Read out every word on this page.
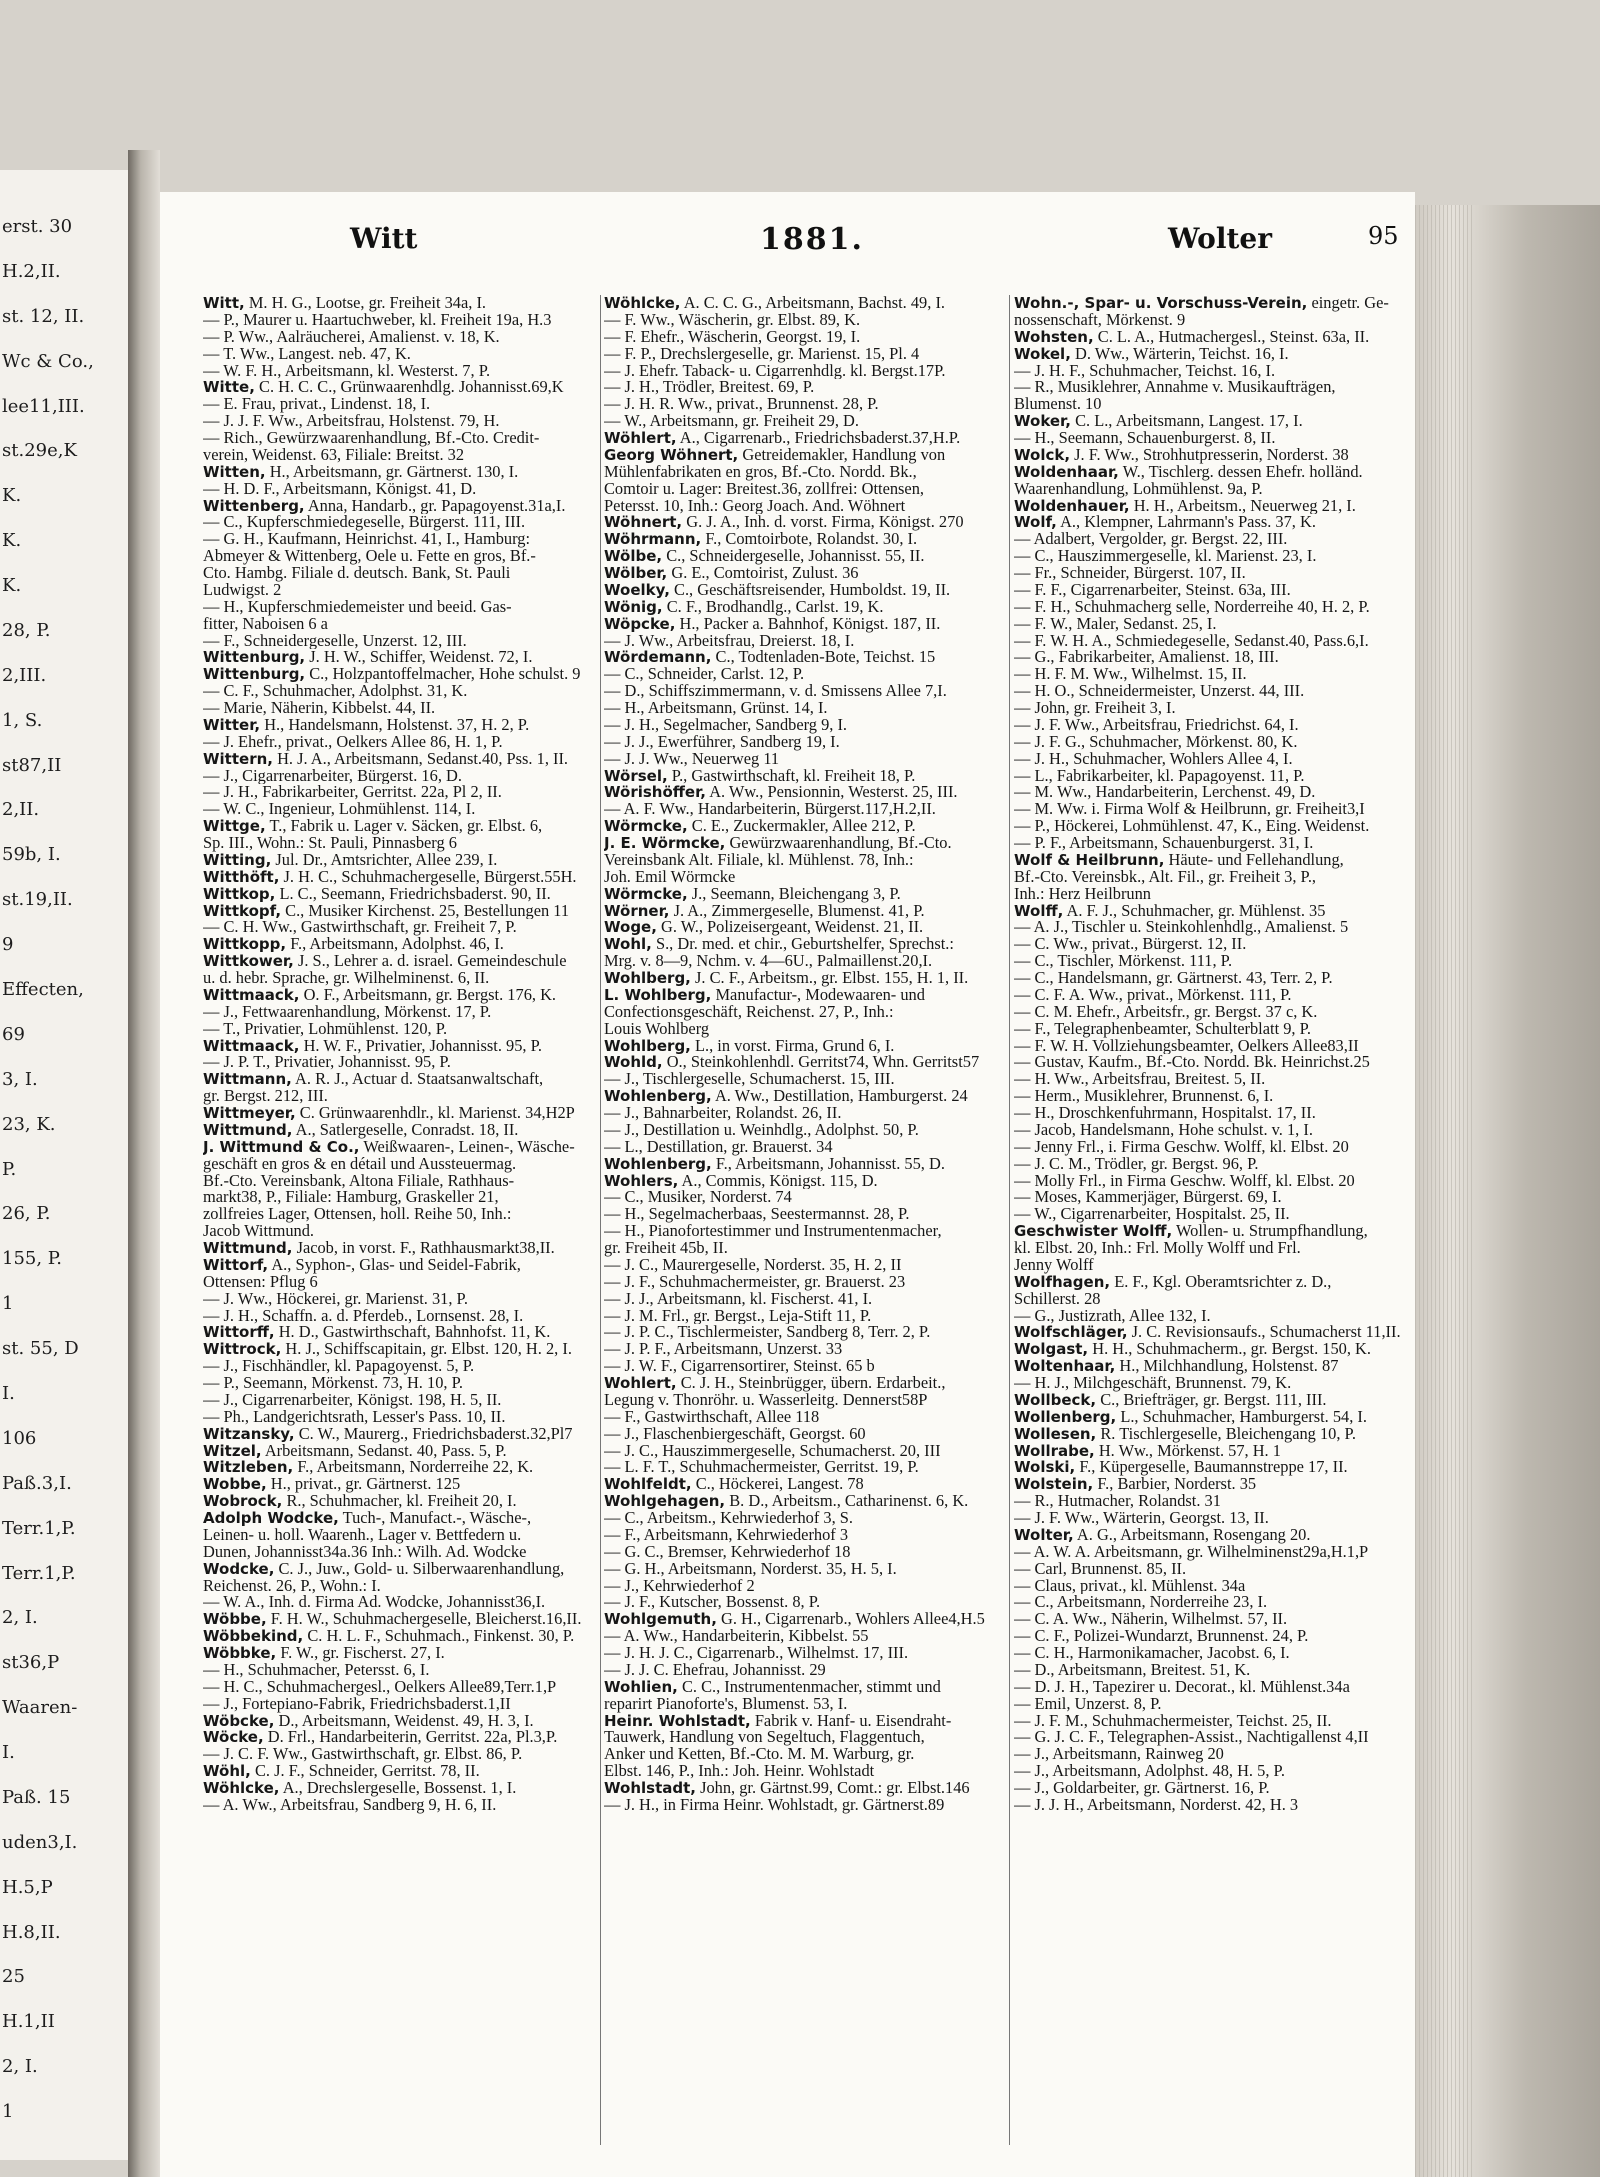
erst. 30
H.2,II.
st. 12, II.
Wc & Co.,
lee11,III.
st.29e,K
K.
K.
K.
28, P.
2,III.
1, S.
st87,II
2,II.
59b, I.
st.19,II.
9
Effecten,
69
3, I.
23, K.
P.
26, P.
155, P.
1
st. 55, D
I.
106
Paß.3,I.
Terr.1,P.
Terr.1,P.
2, I.
st36,P
Waaren-
I.
Paß. 15
uden3,I.
H.5,P
H.8,II.
25
H.1,II
2, I.
1
Witt	1881.	Wolter	95
Witt, M. H. G., Lootse, gr. Freiheit 34a, I.
— P., Maurer u. Haartuchweber, kl. Freiheit 19a, H.3
— P. Ww., Aalräucherei, Amalienst. v. 18, K.
— T. Ww., Langest. neb. 47, K.
— W. F. H., Arbeitsmann, kl. Westerst. 7, P.
Witte, C. H. C. C., Grünwaarenhdlg. Johannisst.69,K
— E. Frau, privat., Lindenst. 18, I.
— J. J. F. Ww., Arbeitsfrau, Holstenst. 79, H.
— Rich., Gewürzwaarenhandlung, Bf.-Cto. Credit-
verein, Weidenst. 63, Filiale: Breitst. 32
Witten, H., Arbeitsmann, gr. Gärtnerst. 130, I.
— H. D. F., Arbeitsmann, Königst. 41, D.
Wittenberg, Anna, Handarb., gr. Papagoyenst.31a,I.
— C., Kupferschmiedegeselle, Bürgerst. 111, III.
— G. H., Kaufmann, Heinrichst. 41, I., Hamburg:
Abmeyer & Wittenberg, Oele u. Fette en gros, Bf.-
Cto. Hambg. Filiale d. deutsch. Bank, St. Pauli
Ludwigst. 2
— H., Kupferschmiedemeister und beeid. Gas-
fitter, Naboisen 6 a
— F., Schneidergeselle, Unzerst. 12, III.
Wittenburg, J. H. W., Schiffer, Weidenst. 72, I.
Wittenburg, C., Holzpantoffelmacher, Hohe schulst. 9
— C. F., Schuhmacher, Adolphst. 31, K.
— Marie, Näherin, Kibbelst. 44, II.
Witter, H., Handelsmann, Holstenst. 37, H. 2, P.
— J. Ehefr., privat., Oelkers Allee 86, H. 1, P.
Wittern, H. J. A., Arbeitsmann, Sedanst.40, Pss. 1, II.
— J., Cigarrenarbeiter, Bürgerst. 16, D.
— J. H., Fabrikarbeiter, Gerritst. 22a, Pl 2, II.
— W. C., Ingenieur, Lohmühlenst. 114, I.
Wittge, T., Fabrik u. Lager v. Säcken, gr. Elbst. 6,
Sp. III., Wohn.: St. Pauli, Pinnasberg 6
Witting, Jul. Dr., Amtsrichter, Allee 239, I.
Witthöft, J. H. C., Schuhmachergeselle, Bürgerst.55H.
Wittkop, L. C., Seemann, Friedrichsbaderst. 90, II.
Wittkopf, C., Musiker Kirchenst. 25, Bestellungen 11
— C. H. Ww., Gastwirthschaft, gr. Freiheit 7, P.
Wittkopp, F., Arbeitsmann, Adolphst. 46, I.
Wittkower, J. S., Lehrer a. d. israel. Gemeindeschule
u. d. hebr. Sprache, gr. Wilhelminenst. 6, II.
Wittmaack, O. F., Arbeitsmann, gr. Bergst. 176, K.
— J., Fettwaarenhandlung, Mörkenst. 17, P.
— T., Privatier, Lohmühlenst. 120, P.
Wittmaack, H. W. F., Privatier, Johannisst. 95, P.
— J. P. T., Privatier, Johannisst. 95, P.
Wittmann, A. R. J., Actuar d. Staatsanwaltschaft,
gr. Bergst. 212, III.
Wittmeyer, C. Grünwaarenhdlr., kl. Marienst. 34,H2P
Wittmund, A., Satlergeselle, Conradst. 18, II.
J. Wittmund & Co., Weißwaaren-, Leinen-, Wäsche-
geschäft en gros & en détail und Aussteuermag.
Bf.-Cto. Vereinsbank, Altona Filiale, Rathhaus-
markt38, P., Filiale: Hamburg, Graskeller 21,
zollfreies Lager, Ottensen, holl. Reihe 50, Inh.:
Jacob Wittmund.
Wittmund, Jacob, in vorst. F., Rathhausmarkt38,II.
Wittorf, A., Syphon-, Glas- und Seidel-Fabrik,
Ottensen: Pflug 6
— J. Ww., Höckerei, gr. Marienst. 31, P.
— J. H., Schaffn. a. d. Pferdeb., Lornsenst. 28, I.
Wittorff, H. D., Gastwirthschaft, Bahnhofst. 11, K.
Wittrock, H. J., Schiffscapitain, gr. Elbst. 120, H. 2, I.
— J., Fischhändler, kl. Papagoyenst. 5, P.
— P., Seemann, Mörkenst. 73, H. 10, P.
— J., Cigarrenarbeiter, Königst. 198, H. 5, II.
— Ph., Landgerichtsrath, Lesser's Pass. 10, II.
Witzansky, C. W., Maurerg., Friedrichsbaderst.32,Pl7
Witzel, Arbeitsmann, Sedanst. 40, Pass. 5, P.
Witzleben, F., Arbeitsmann, Norderreihe 22, K.
Wobbe, H., privat., gr. Gärtnerst. 125
Wobrock, R., Schuhmacher, kl. Freiheit 20, I.
Adolph Wodcke, Tuch-, Manufact.-, Wäsche-,
Leinen- u. holl. Waarenh., Lager v. Bettfedern u.
Dunen, Johannisst34a.36 Inh.: Wilh. Ad. Wodcke
Wodcke, C. J., Juw., Gold- u. Silberwaarenhandlung,
Reichenst. 26, P., Wohn.: I.
— W. A., Inh. d. Firma Ad. Wodcke, Johannisst36,I.
Wöbbe, F. H. W., Schuhmachergeselle, Bleicherst.16,II.
Wöbbekind, C. H. L. F., Schuhmach., Finkenst. 30, P.
Wöbbke, F. W., gr. Fischerst. 27, I.
— H., Schuhmacher, Petersst. 6, I.
— H. C., Schuhmachergesl., Oelkers Allee89,Terr.1,P
— J., Fortepiano-Fabrik, Friedrichsbaderst.1,II
Wöbcke, D., Arbeitsmann, Weidenst. 49, H. 3, I.
Wöcke, D. Frl., Handarbeiterin, Gerritst. 22a, Pl.3,P.
— J. C. F. Ww., Gastwirthschaft, gr. Elbst. 86, P.
Wöhl, C. J. F., Schneider, Gerritst. 78, II.
Wöhlcke, A., Drechslergeselle, Bossenst. 1, I.
— A. Ww., Arbeitsfrau, Sandberg 9, H. 6, II.
Wöhlcke, A. C. C. G., Arbeitsmann, Bachst. 49, I.
— F. Ww., Wäscherin, gr. Elbst. 89, K.
— F. Ehefr., Wäscherin, Georgst. 19, I.
— F. P., Drechslergeselle, gr. Marienst. 15, Pl. 4
— J. Ehefr. Taback- u. Cigarrenhdlg. kl. Bergst.17P.
— J. H., Trödler, Breitest. 69, P.
— J. H. R. Ww., privat., Brunnenst. 28, P.
— W., Arbeitsmann, gr. Freiheit 29, D.
Wöhlert, A., Cigarrenarb., Friedrichsbaderst.37,H.P.
Georg Wöhnert, Getreidemakler, Handlung von
Mühlenfabrikaten en gros, Bf.-Cto. Nordd. Bk.,
Comtoir u. Lager: Breitest.36, zollfrei: Ottensen,
Petersst. 10, Inh.: Georg Joach. And. Wöhnert
Wöhnert, G. J. A., Inh. d. vorst. Firma, Königst. 270
Wöhrmann, F., Comtoirbote, Rolandst. 30, I.
Wölbe, C., Schneidergeselle, Johannisst. 55, II.
Wölber, G. E., Comtoirist, Zulust. 36
Woelky, C., Geschäftsreisender, Humboldst. 19, II.
Wönig, C. F., Brodhandlg., Carlst. 19, K.
Wöpcke, H., Packer a. Bahnhof, Königst. 187, II.
— J. Ww., Arbeitsfrau, Dreierst. 18, I.
Wördemann, C., Todtenladen-Bote, Teichst. 15
— C., Schneider, Carlst. 12, P.
— D., Schiffszimmermann, v. d. Smissens Allee 7,I.
— H., Arbeitsmann, Grünst. 14, I.
— J. H., Segelmacher, Sandberg 9, I.
— J. J., Ewerführer, Sandberg 19, I.
— J. J. Ww., Neuerweg 11
Wörsel, P., Gastwirthschaft, kl. Freiheit 18, P.
Wörishöffer, A. Ww., Pensionnin, Westerst. 25, III.
— A. F. Ww., Handarbeiterin, Bürgerst.117,H.2,II.
Wörmcke, C. E., Zuckermakler, Allee 212, P.
J. E. Wörmcke, Gewürzwaarenhandlung, Bf.-Cto.
Vereinsbank Alt. Filiale, kl. Mühlenst. 78, Inh.:
Joh. Emil Wörmcke
Wörmcke, J., Seemann, Bleichengang 3, P.
Wörner, J. A., Zimmergeselle, Blumenst. 41, P.
Woge, G. W., Polizeisergeant, Weidenst. 21, II.
Wohl, S., Dr. med. et chir., Geburtshelfer, Sprechst.:
Mrg. v. 8—9, Nchm. v. 4—6U., Palmaillenst.20,I.
Wohlberg, J. C. F., Arbeitsm., gr. Elbst. 155, H. 1, II.
L. Wohlberg, Manufactur-, Modewaaren- und
Confectionsgeschäft, Reichenst. 27, P., Inh.:
Louis Wohlberg
Wohlberg, L., in vorst. Firma, Grund 6, I.
Wohld, O., Steinkohlenhdl. Gerritst74, Whn. Gerritst57
— J., Tischlergeselle, Schumacherst. 15, III.
Wohlenberg, A. Ww., Destillation, Hamburgerst. 24
— J., Bahnarbeiter, Rolandst. 26, II.
— J., Destillation u. Weinhdlg., Adolphst. 50, P.
— L., Destillation, gr. Brauerst. 34
Wohlenberg, F., Arbeitsmann, Johannisst. 55, D.
Wohlers, A., Commis, Königst. 115, D.
— C., Musiker, Norderst. 74
— H., Segelmacherbaas, Seestermannst. 28, P.
— H., Pianofortestimmer und Instrumentenmacher,
gr. Freiheit 45b, II.
— J. C., Maurergeselle, Norderst. 35, H. 2, II
— J. F., Schuhmachermeister, gr. Brauerst. 23
— J. J., Arbeitsmann, kl. Fischerst. 41, I.
— J. M. Frl., gr. Bergst., Leja-Stift 11, P.
— J. P. C., Tischlermeister, Sandberg 8, Terr. 2, P.
— J. P. F., Arbeitsmann, Unzerst. 33
— J. W. F., Cigarrensortirer, Steinst. 65 b
Wohlert, C. J. H., Steinbrügger, übern. Erdarbeit.,
Legung v. Thonröhr. u. Wasserleitg. Dennerst58P
— F., Gastwirthschaft, Allee 118
— J., Flaschenbiergeschäft, Georgst. 60
— J. C., Hauszimmergeselle, Schumacherst. 20, III
— L. F. T., Schuhmachermeister, Gerritst. 19, P.
Wohlfeldt, C., Höckerei, Langest. 78
Wohlgehagen, B. D., Arbeitsm., Catharinenst. 6, K.
— C., Arbeitsm., Kehrwiederhof 3, S.
— F., Arbeitsmann, Kehrwiederhof 3
— G. C., Bremser, Kehrwiederhof 18
— G. H., Arbeitsmann, Norderst. 35, H. 5, I.
— J., Kehrwiederhof 2
— J. F., Kutscher, Bossenst. 8, P.
Wohlgemuth, G. H., Cigarrenarb., Wohlers Allee4,H.5
— A. Ww., Handarbeiterin, Kibbelst. 55
— J. H. J. C., Cigarrenarb., Wilhelmst. 17, III.
— J. J. C. Ehefrau, Johannisst. 29
Wohlien, C. C., Instrumentenmacher, stimmt und
reparirt Pianoforte's, Blumenst. 53, I.
Heinr. Wohlstadt, Fabrik v. Hanf- u. Eisendraht-
Tauwerk, Handlung von Segeltuch, Flaggentuch,
Anker und Ketten, Bf.-Cto. M. M. Warburg, gr.
Elbst. 146, P., Inh.: Joh. Heinr. Wohlstadt
Wohlstadt, John, gr. Gärtnst.99, Comt.: gr. Elbst.146
— J. H., in Firma Heinr. Wohlstadt, gr. Gärtnerst.89
Wohn.-, Spar- u. Vorschuss-Verein, eingetr. Ge-
nossenschaft, Mörkenst. 9
Wohsten, C. L. A., Hutmachergesl., Steinst. 63a, II.
Wokel, D. Ww., Wärterin, Teichst. 16, I.
— J. H. F., Schuhmacher, Teichst. 16, I.
— R., Musiklehrer, Annahme v. Musikaufträgen,
Blumenst. 10
Woker, C. L., Arbeitsmann, Langest. 17, I.
— H., Seemann, Schauenburgerst. 8, II.
Wolck, J. F. Ww., Strohhutpresserin, Norderst. 38
Woldenhaar, W., Tischlerg. dessen Ehefr. holländ.
Waarenhandlung, Lohmühlenst. 9a, P.
Woldenhauer, H. H., Arbeitsm., Neuerweg 21, I.
Wolf, A., Klempner, Lahrmann's Pass. 37, K.
— Adalbert, Vergolder, gr. Bergst. 22, III.
— C., Hauszimmergeselle, kl. Marienst. 23, I.
— Fr., Schneider, Bürgerst. 107, II.
— F. F., Cigarrenarbeiter, Steinst. 63a, III.
— F. H., Schuhmacherg selle, Norderreihe 40, H. 2, P.
— F. W., Maler, Sedanst. 25, I.
— F. W. H. A., Schmiedegeselle, Sedanst.40, Pass.6,I.
— G., Fabrikarbeiter, Amalienst. 18, III.
— H. F. M. Ww., Wilhelmst. 15, II.
— H. O., Schneidermeister, Unzerst. 44, III.
— John, gr. Freiheit 3, I.
— J. F. Ww., Arbeitsfrau, Friedrichst. 64, I.
— J. F. G., Schuhmacher, Mörkenst. 80, K.
— J. H., Schuhmacher, Wohlers Allee 4, I.
— L., Fabrikarbeiter, kl. Papagoyenst. 11, P.
— M. Ww., Handarbeiterin, Lerchenst. 49, D.
— M. Ww. i. Firma Wolf & Heilbrunn, gr. Freiheit3,I
— P., Höckerei, Lohmühlenst. 47, K., Eing. Weidenst.
— P. F., Arbeitsmann, Schauenburgerst. 31, I.
Wolf & Heilbrunn, Häute- und Fellehandlung,
Bf.-Cto. Vereinsbk., Alt. Fil., gr. Freiheit 3, P.,
Inh.: Herz Heilbrunn
Wolff, A. F. J., Schuhmacher, gr. Mühlenst. 35
— A. J., Tischler u. Steinkohlenhdlg., Amalienst. 5
— C. Ww., privat., Bürgerst. 12, II.
— C., Tischler, Mörkenst. 111, P.
— C., Handelsmann, gr. Gärtnerst. 43, Terr. 2, P.
— C. F. A. Ww., privat., Mörkenst. 111, P.
— C. M. Ehefr., Arbeitsfr., gr. Bergst. 37 c, K.
— F., Telegraphenbeamter, Schulterblatt 9, P.
— F. W. H. Vollziehungsbeamter, Oelkers Allee83,II
— Gustav, Kaufm., Bf.-Cto. Nordd. Bk. Heinrichst.25
— H. Ww., Arbeitsfrau, Breitest. 5, II.
— Herm., Musiklehrer, Brunnenst. 6, I.
— H., Droschkenfuhrmann, Hospitalst. 17, II.
— Jacob, Handelsmann, Hohe schulst. v. 1, I.
— Jenny Frl., i. Firma Geschw. Wolff, kl. Elbst. 20
— J. C. M., Trödler, gr. Bergst. 96, P.
— Molly Frl., in Firma Geschw. Wolff, kl. Elbst. 20
— Moses, Kammerjäger, Bürgerst. 69, I.
— W., Cigarrenarbeiter, Hospitalst. 25, II.
Geschwister Wolff, Wollen- u. Strumpfhandlung,
kl. Elbst. 20, Inh.: Frl. Molly Wolff und Frl.
Jenny Wolff
Wolfhagen, E. F., Kgl. Oberamtsrichter z. D.,
Schillerst. 28
— G., Justizrath, Allee 132, I.
Wolfschläger, J. C. Revisionsaufs., Schumacherst 11,II.
Wolgast, H. H., Schuhmacherm., gr. Bergst. 150, K.
Woltenhaar, H., Milchhandlung, Holstenst. 87
— H. J., Milchgeschäft, Brunnenst. 79, K.
Wollbeck, C., Briefträger, gr. Bergst. 111, III.
Wollenberg, L., Schuhmacher, Hamburgerst. 54, I.
Wollesen, R. Tischlergeselle, Bleichengang 10, P.
Wollrabe, H. Ww., Mörkenst. 57, H. 1
Wolski, F., Küpergeselle, Baumannstreppe 17, II.
Wolstein, F., Barbier, Norderst. 35
— R., Hutmacher, Rolandst. 31
— J. F. Ww., Wärterin, Georgst. 13, II.
Wolter, A. G., Arbeitsmann, Rosengang 20.
— A. W. A. Arbeitsmann, gr. Wilhelminenst29a,H.1,P
— Carl, Brunnenst. 85, II.
— Claus, privat., kl. Mühlenst. 34a
— C., Arbeitsmann, Norderreihe 23, I.
— C. A. Ww., Näherin, Wilhelmst. 57, II.
— C. F., Polizei-Wundarzt, Brunnenst. 24, P.
— C. H., Harmonikamacher, Jacobst. 6, I.
— D., Arbeitsmann, Breitest. 51, K.
— D. J. H., Tapezirer u. Decorat., kl. Mühlenst.34a
— Emil, Unzerst. 8, P.
— J. F. M., Schuhmachermeister, Teichst. 25, II.
— G. J. C. F., Telegraphen-Assist., Nachtigallenst 4,II
— J., Arbeitsmann, Rainweg 20
— J., Arbeitsmann, Adolphst. 48, H. 5, P.
— J., Goldarbeiter, gr. Gärtnerst. 16, P.
— J. J. H., Arbeitsmann, Norderst. 42, H. 3
